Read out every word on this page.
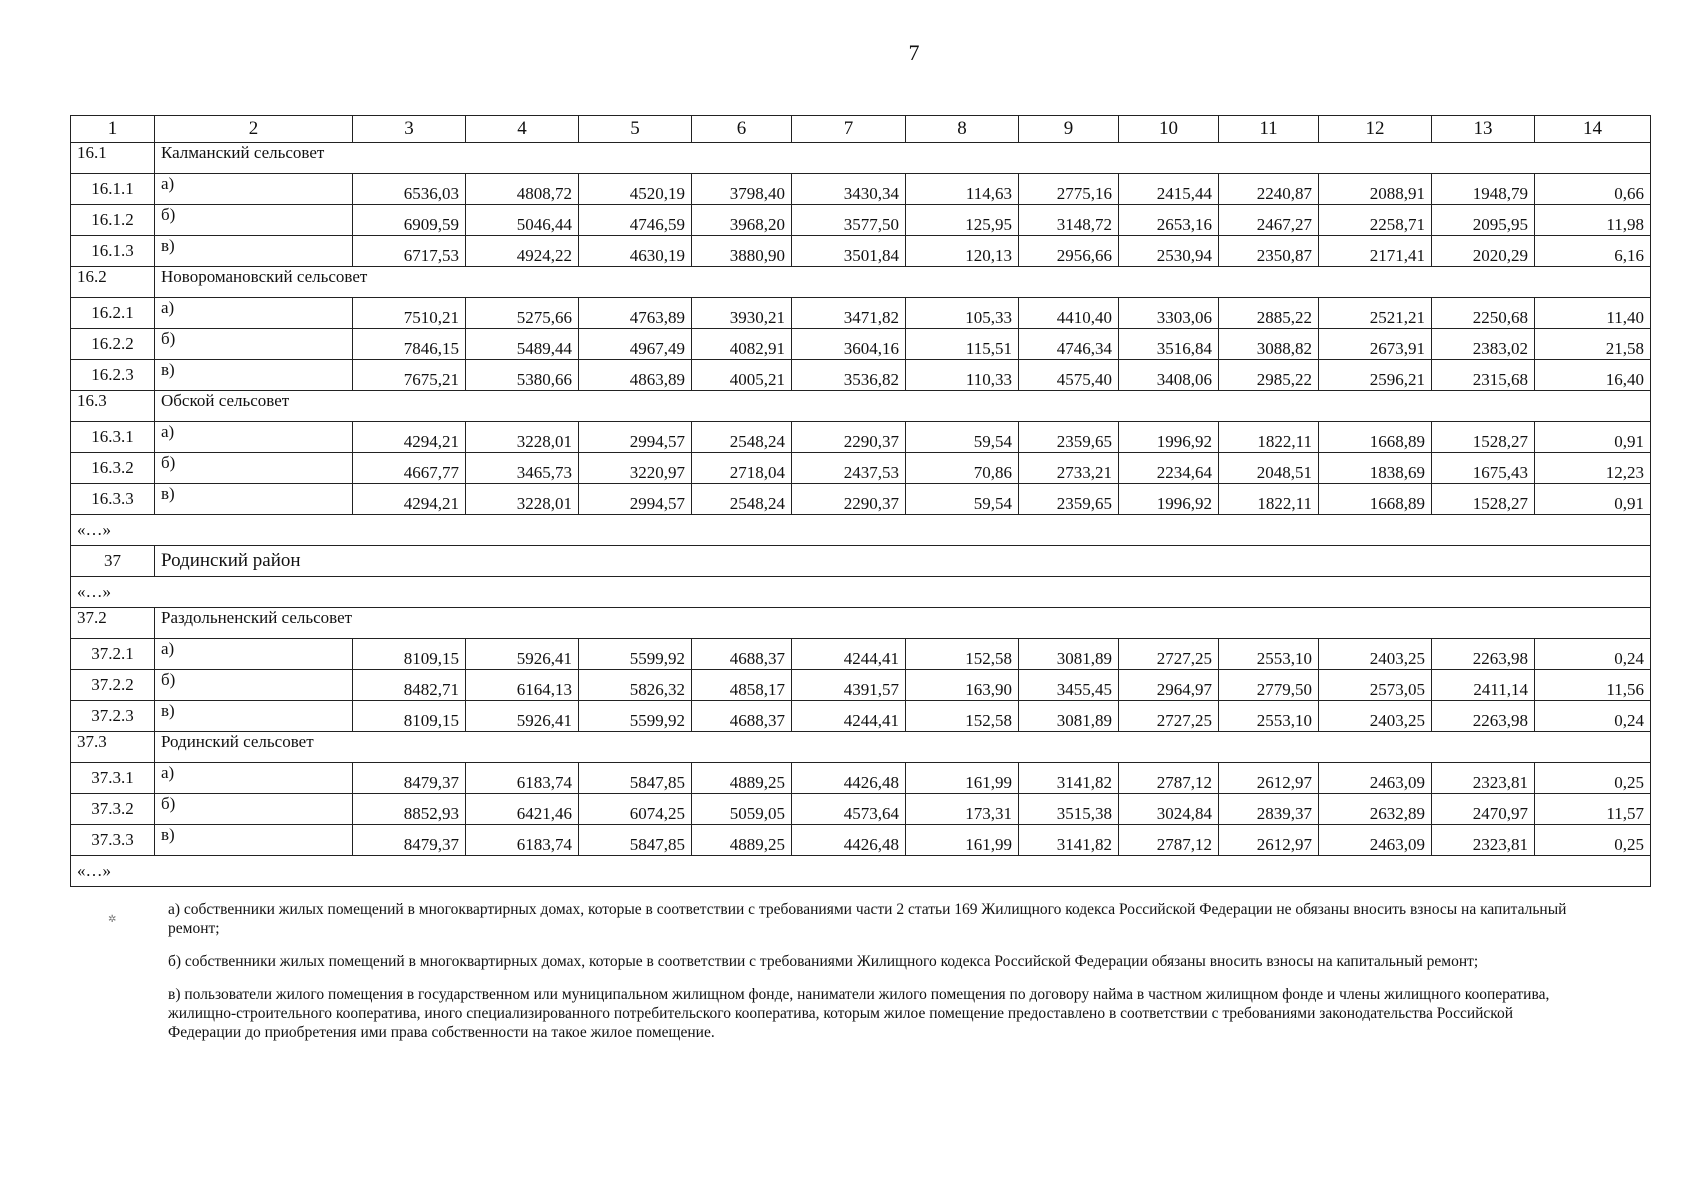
7
1	2	3	4	5	6	7	8	9	10	11	12	13	14
16.1	Калманский сельсовет												
16.1.1	а)	6536,03	4808,72	4520,19	3798,40	3430,34	114,63	2775,16	2415,44	2240,87	2088,91	1948,79	0,66
16.1.2	б)	6909,59	5046,44	4746,59	3968,20	3577,50	125,95	3148,72	2653,16	2467,27	2258,71	2095,95	11,98
16.1.3	в)	6717,53	4924,22	4630,19	3880,90	3501,84	120,13	2956,66	2530,94	2350,87	2171,41	2020,29	6,16
16.2	Новоромановский сельсовет												
16.2.1	а)	7510,21	5275,66	4763,89	3930,21	3471,82	105,33	4410,40	3303,06	2885,22	2521,21	2250,68	11,40
16.2.2	б)	7846,15	5489,44	4967,49	4082,91	3604,16	115,51	4746,34	3516,84	3088,82	2673,91	2383,02	21,58
16.2.3	в)	7675,21	5380,66	4863,89	4005,21	3536,82	110,33	4575,40	3408,06	2985,22	2596,21	2315,68	16,40
16.3	Обской сельсовет												
16.3.1	а)	4294,21	3228,01	2994,57	2548,24	2290,37	59,54	2359,65	1996,92	1822,11	1668,89	1528,27	0,91
16.3.2	б)	4667,77	3465,73	3220,97	2718,04	2437,53	70,86	2733,21	2234,64	2048,51	1838,69	1675,43	12,23
16.3.3	в)	4294,21	3228,01	2994,57	2548,24	2290,37	59,54	2359,65	1996,92	1822,11	1668,89	1528,27	0,91
«…»													
37	Родинский район												
«…»													
37.2	Раздольненский сельсовет												
37.2.1	а)	8109,15	5926,41	5599,92	4688,37	4244,41	152,58	3081,89	2727,25	2553,10	2403,25	2263,98	0,24
37.2.2	б)	8482,71	6164,13	5826,32	4858,17	4391,57	163,90	3455,45	2964,97	2779,50	2573,05	2411,14	11,56
37.2.3	в)	8109,15	5926,41	5599,92	4688,37	4244,41	152,58	3081,89	2727,25	2553,10	2403,25	2263,98	0,24
37.3	Родинский сельсовет												
37.3.1	а)	8479,37	6183,74	5847,85	4889,25	4426,48	161,99	3141,82	2787,12	2612,97	2463,09	2323,81	0,25
37.3.2	б)	8852,93	6421,46	6074,25	5059,05	4573,64	173,31	3515,38	3024,84	2839,37	2632,89	2470,97	11,57
37.3.3	в)	8479,37	6183,74	5847,85	4889,25	4426,48	161,99	3141,82	2787,12	2612,97	2463,09	2323,81	0,25
«…»													
✲

а) собственники жилых помещений в многоквартирных домах, которые в соответствии с требованиями части 2 статьи 169 Жилищного кодекса Российской Федерации не обязаны вносить взносы на капитальный ремонт;

б) собственники жилых помещений в многоквартирных домах, которые в соответствии с требованиями Жилищного кодекса Российской Федерации обязаны вносить взносы на капитальный ремонт;

в) пользователи жилого помещения в государственном или муниципальном жилищном фонде, наниматели жилого помещения по договору найма в частном жилищном фонде и члены жилищного кооператива, жилищно-строительного кооператива, иного специализированного потребительского кооператива, которым жилое помещение предоставлено в соответствии с требованиями законодательства Российской Федерации до приобретения ими права собственности на такое жилое помещение.
